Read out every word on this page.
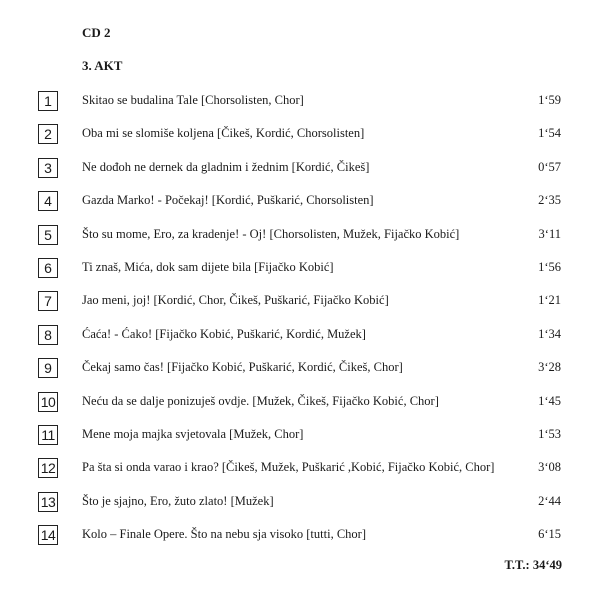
CD 2
3. AKT
1	Skitao se budalina Tale [Chorsolisten, Chor]	1‘59
2	Oba mi se slomiše koljena [Čikeš, Kordić, Chorsolisten]	1‘54
3	Ne dođoh ne dernek da gladnim i žednim [Kordić, Čikeš]	0‘57
4	Gazda Marko! - Počekaj! [Kordić, Puškarić, Chorsolisten]	2‘35
5	Što su mome, Ero, za kradenje! - Oj! [Chorsolisten, Mužek, Fijačko Kobić]	3‘11
6	Ti znaš, Mića, dok sam dijete bila [Fijačko Kobić]	1‘56
7	Jao meni, joj! [Kordić, Chor, Čikeš, Puškarić, Fijačko Kobić]	1‘21
8	Ćaća! - Ćako! [Fijačko Kobić, Puškarić, Kordić, Mužek]	1‘34
9	Čekaj samo čas! [Fijačko Kobić, Puškarić, Kordić, Čikeš, Chor]	3‘28
10 Neću da se dalje ponizuješ ovdje. [Mužek, Čikeš, Fijačko Kobić, Chor]	1‘45
11 Mene moja majka svjetovala [Mužek, Chor]	1‘53
12 Pa šta si onda varao i krao? [Čikeš, Mužek, Puškarić ,Kobić, Fijačko Kobić, Chor]	3‘08
13 Što je sjajno, Ero, žuto zlato! [Mužek]	2‘44
14 Kolo – Finale Opere. Što na nebu sja visoko [tutti, Chor]	6‘15
T.T.: 34‘49
